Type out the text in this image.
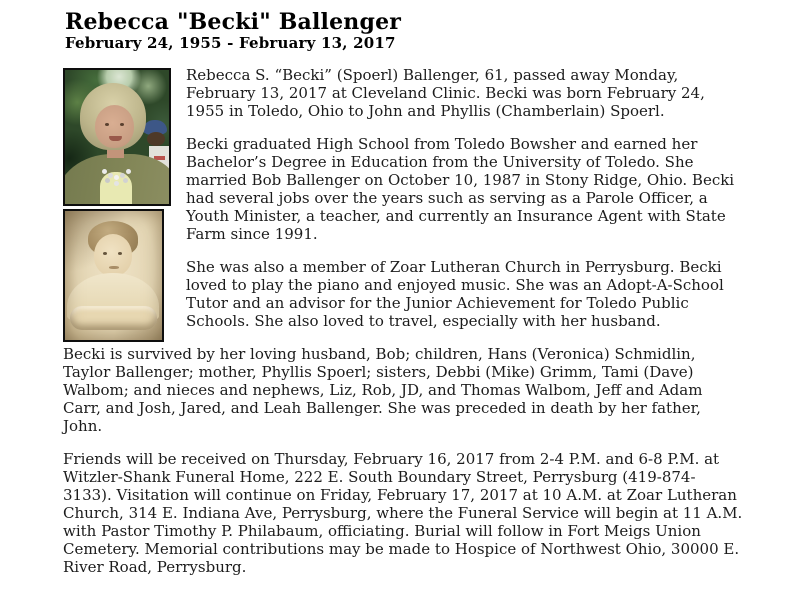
Rebecca "Becki" Ballenger
February 24, 1955 - February 13, 2017

Rebecca S. “Becki” (Spoerl) Ballenger, 61, passed away Monday, February 13, 2017 at Cleveland Clinic. Becki was born February 24, 1955 in Toledo, Ohio to John and Phyllis (Chamberlain) Spoerl.

Becki graduated High School from Toledo Bowsher and earned her Bachelor’s Degree in Education from the University of Toledo. She married Bob Ballenger on October 10, 1987 in Stony Ridge, Ohio. Becki had several jobs over the years such as serving as a Parole Officer, a Youth Minister, a teacher, and currently an Insurance Agent with State Farm since 1991.

She was also a member of Zoar Lutheran Church in Perrysburg. Becki loved to play the piano and enjoyed music. She was an Adopt-A-School Tutor and an advisor for the Junior Achievement for Toledo Public Schools. She also loved to travel, especially with her husband.

Becki is survived by her loving husband, Bob; children, Hans (Veronica) Schmidlin, Taylor Ballenger; mother, Phyllis Spoerl; sisters, Debbi (Mike) Grimm, Tami (Dave) Walbom; and nieces and nephews, Liz, Rob, JD, and Thomas Walbom, Jeff and Adam Carr, and Josh, Jared, and Leah Ballenger. She was preceded in death by her father, John.

Friends will be received on Thursday, February 16, 2017 from 2-4 P.M. and 6-8 P.M. at Witzler-Shank Funeral Home, 222 E. South Boundary Street, Perrysburg (419-874-3133). Visitation will continue on Friday, February 17, 2017 at 10 A.M. at Zoar Lutheran Church, 314 E. Indiana Ave, Perrysburg, where the Funeral Service will begin at 11 A.M. with Pastor Timothy P. Philabaum, officiating. Burial will follow in Fort Meigs Union Cemetery. Memorial contributions may be made to Hospice of Northwest Ohio, 30000 E. River Road, Perrysburg.
